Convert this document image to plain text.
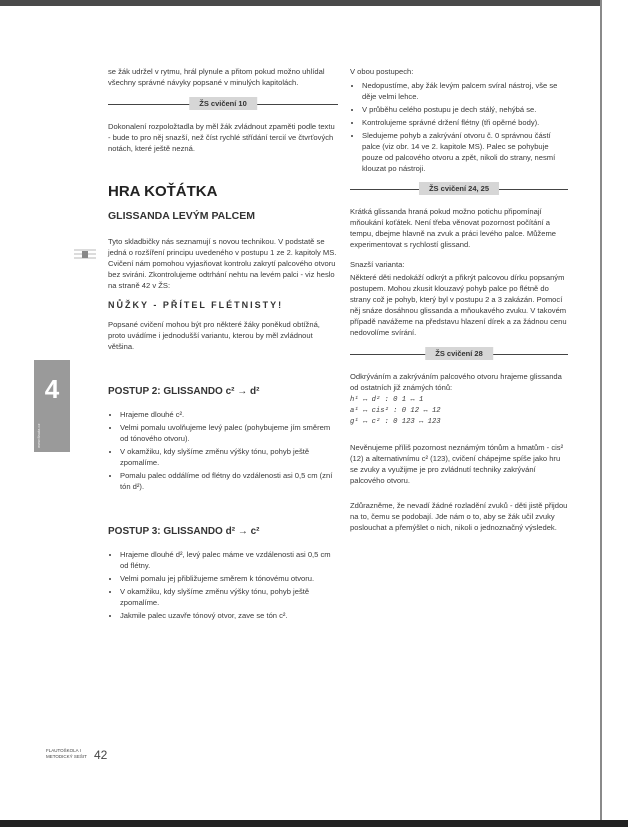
4
www.flauta.cz

se žák udržel v rytmu, hrál plynule a přitom pokud možno uhlídal všechny správné návyky popsané v minulých kapitolách.

ŽS cvičení 10

Dokonalení rozpoložtadla by měl žák zvládnout zpaměti podle textu - bude to pro něj snazší, než číst rychlé střídání tercií ve čtvrťových notách, které ještě nezná.

HRA KOŤÁTKA
GLISSANDA LEVÝM PALCEM

Tyto skladbičky nás seznamují s novou technikou. V podstatě se jedná o rozšíření principu uvedeného v postupu 1 ze 2. kapitoly MS. Cvičení nám pomohou vyjasňovat kontrolu zakrytí palcového otvoru bez sviráni. Zkontrolujeme odtrhání nehtu na levém palci - viz heslo na straně 42 v ŽS:

NŮŽKY - PŘÍTEL FLÉTNISTY!

Popsané cvičení mohou být pro některé žáky poněkud obtížná, proto uvádíme i jednodušší variantu, kterou by měl zvládnout většina.

POSTUP 2: GLISSANDO c² → d²
• Hrajeme dlouhé c².
• Velmi pomalu uvolňujeme levý palec (pohybujeme jím směrem od tónového otvoru).
• V okamžiku, kdy slyšíme změnu výšky tónu, pohyb ještě zpomalíme.
• Pomalu palec oddálíme od flétny do vzdálenosti asi 0,5 cm (zní tón d²).
POSTUP 3: GLISSANDO d² → c²
• Hrajeme dlouhé d², levý palec máme ve vzdálenosti asi 0,5 cm od flétny.
• Velmi pomalu jej přibližujeme směrem k tónovému otvoru.
• V okamžiku, kdy slyšíme změnu výšky tónu, pohyb ještě zpomalíme.
• Jakmile palec uzavře tónový otvor, zave se tón c².

V obou postupech:

• Nedopustíme, aby žák levým palcem svíral nástroj, vše se děje velmi lehce.
• V průběhu celého postupu je dech stálý, nehýbá se.
• Kontrolujeme správné držení flétny (tři opěrné body).
• Sledujeme pohyb a zakrývání otvoru č. 0 správnou částí palce (viz obr. 14 ve 2. kapitole MS). Palec se pohybuje pouze od palcového otvoru a zpět, nikoli do strany, nesmí klouzat po nástroji.
ŽS cvičení 24, 25

Krátká glissanda hraná pokud možno potichu připomínají mňoukání koťátek. Není třeba věnovat pozornost počítání a tempu, dbejme hlavně na zvuk a práci levého palce. Můžeme experimentovat s rychlostí glissand.

Snazší varianta:

Některé děti nedokáží odkrýt a přikrýt palcovou dírku popsaným postupem. Mohou zkusit klouzavý pohyb palce po flétně do strany což je pohyb, který byl v postupu 2 a 3 zakázán. Pomocí něj snáze dosáhnou glissanda a mňoukavého zvuku. V takovém případě navážeme na představu hlazení dírek a za žádnou cenu nedovolíme svírání.

ŽS cvičení 28

Odkrýváním a zakrýváním palcového otvoru hrajeme glissanda od ostatních již známých tónů:

h¹ ↔ d² : 0 1 ↔ 1
a¹ ↔ cis² : 0 12 ↔ 12
g¹ ↔ c² : 0 123 ↔ 123

Nevěnujeme příliš pozornost neznámým tónům a hmatům - cis² (12) a alternativnímu c² (123), cvičení chápejme spíše jako hru se zvuky a využijme je pro zvládnutí techniky zakrývání palcového otvoru.

Zdůrazněme, že nevadí žádné rozladění zvuků - děti jistě přijdou na to, čemu se podobají. Jde nám o to, aby se žák učil zvuky poslouchat a přemýšlet o nich, nikoli o jednoznačný výsledek.

FLAUTOŠKOLA I
METODICKÝ SEŠIT 42
